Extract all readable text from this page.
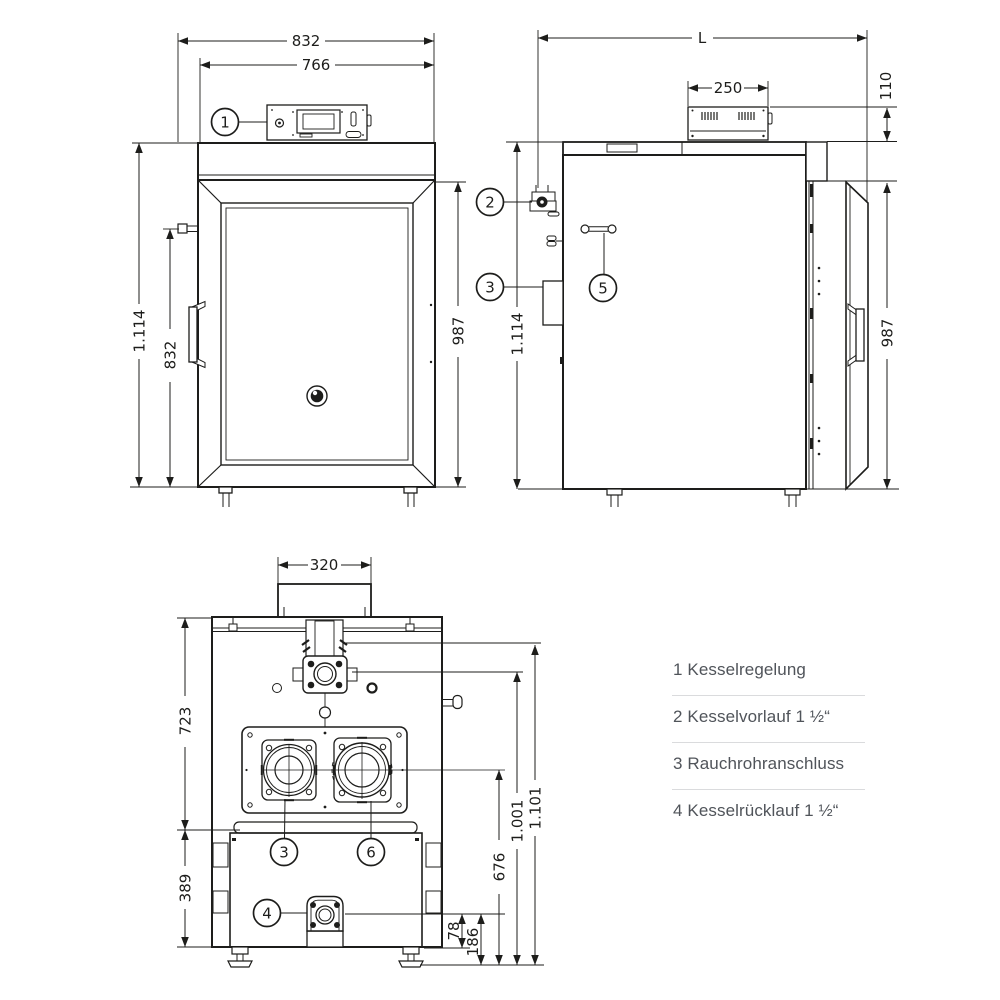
832
766
1.114
832
987
1
L
250	110
1.114	987
2
3	5
320
723
389
78 186
676
1.001 1.101
3	6
4
1 Kesselregelung
2 Kesselvorlauf 1 ½“
3 Rauchrohranschluss
4 Kesselrücklauf 1 ½“
